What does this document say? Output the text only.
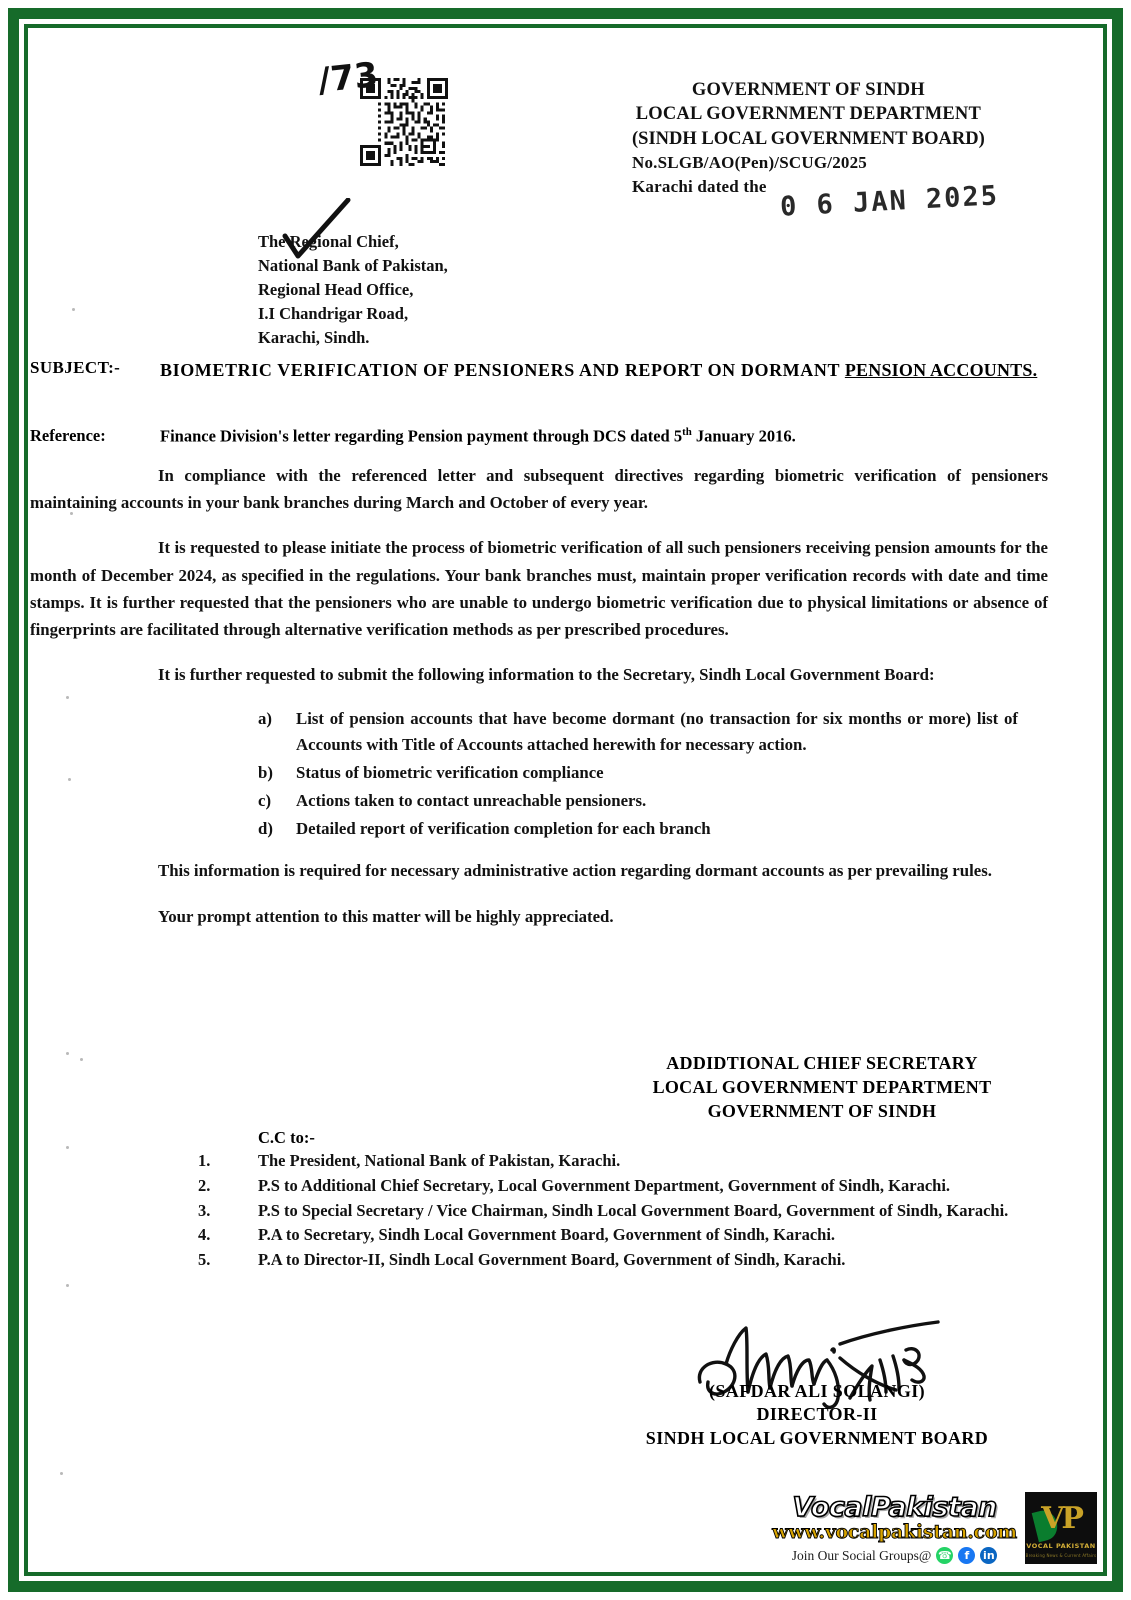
GOVERNMENT OF SINDH
LOCAL GOVERNMENT DEPARTMENT
(SINDH LOCAL GOVERNMENT BOARD)
No.SLGB/AO(Pen)/SCUG/2025
/73
Karachi dated the 0 6 JAN 2025
The Regional Chief,
National Bank of Pakistan,
Regional Head Office,
I.I Chandrigar Road,
Karachi, Sindh.
SUBJECT:-	BIOMETRIC VERIFICATION OF PENSIONERS AND REPORT ON DORMANT PENSION ACCOUNTS.
Reference:	Finance Division's letter regarding Pension payment through DCS dated 5th January 2016.

In compliance with the referenced letter and subsequent directives regarding biometric verification of pensioners maintaining accounts in your bank branches during March and October of every year.

It is requested to please initiate the process of biometric verification of all such pensioners receiving pension amounts for the month of December 2024, as specified in the regulations. Your bank branches must, maintain proper verification records with date and time stamps. It is further requested that the pensioners who are unable to undergo biometric verification due to physical limitations or absence of fingerprints are facilitated through alternative verification methods as per prescribed procedures.

It is further requested to submit the following information to the Secretary, Sindh Local Government Board:

a) List of pension accounts that have become dormant (no transaction for six months or more) list of Accounts with Title of Accounts attached herewith for necessary action.
b) Status of biometric verification compliance
c) Actions taken to contact unreachable pensioners.
d) Detailed report of verification completion for each branch

This information is required for necessary administrative action regarding dormant accounts as per prevailing rules.

Your prompt attention to this matter will be highly appreciated.

ADDIDTIONAL CHIEF SECRETARY
LOCAL GOVERNMENT DEPARTMENT
GOVERNMENT OF SINDH
C.C to:-
1.	The President, National Bank of Pakistan, Karachi.
2.	P.S to Additional Chief Secretary, Local Government Department, Government of Sindh, Karachi.
3.	P.S to Special Secretary / Vice Chairman, Sindh Local Government Board, Government of Sindh, Karachi.
4.	P.A to Secretary, Sindh Local Government Board, Government of Sindh, Karachi.
5.	P.A to Director-II, Sindh Local Government Board, Government of Sindh, Karachi.
(SAFDAR ALI SOLANGI)
DIRECTOR-II
SINDH LOCAL GOVERNMENT BOARD
VocalPakistan
www.vocalpakistan.com
Join Our Social Groups@ ☎	f	in
VP
VOCAL PAKISTAN
Breaking News & Current Affairs
